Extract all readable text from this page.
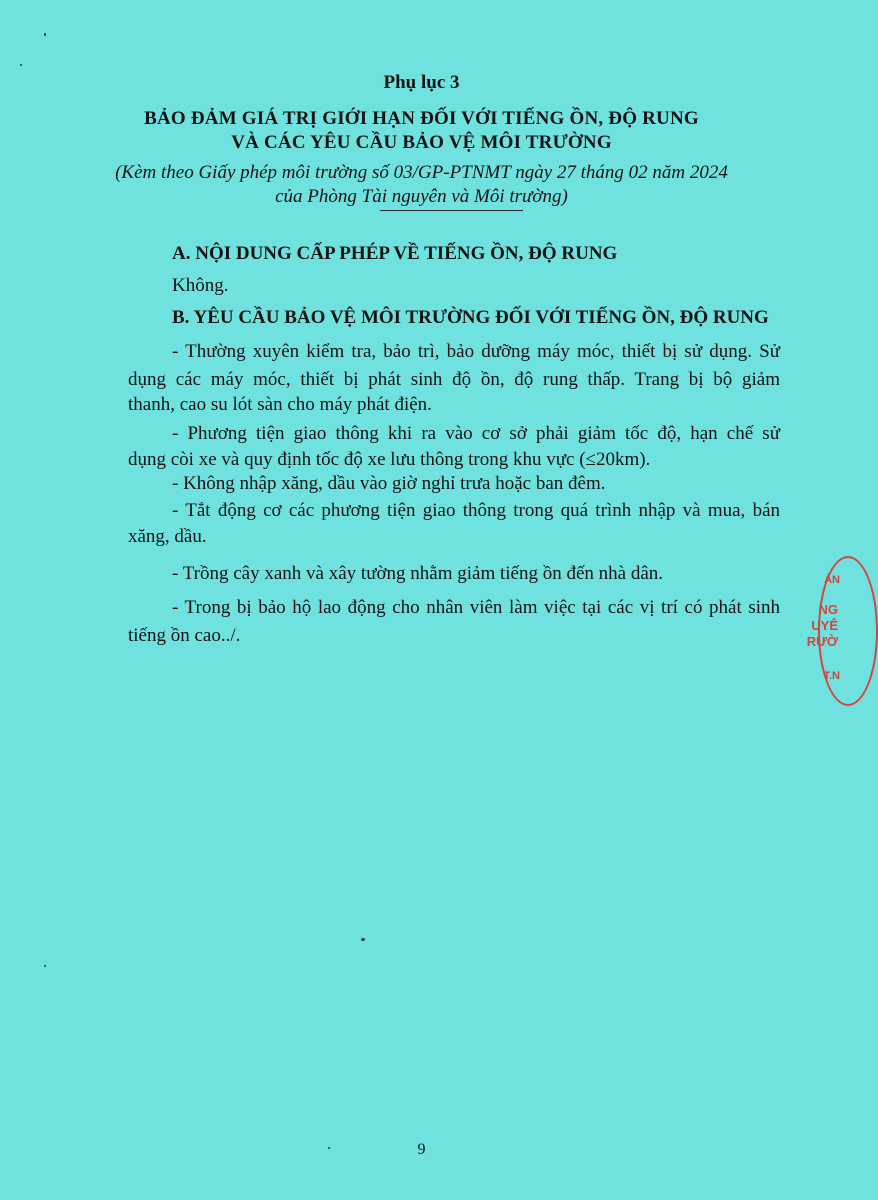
Phụ lục 3
BẢO ĐẢM GIÁ TRỊ GIỚI HẠN ĐỐI VỚI TIẾNG ỒN, ĐỘ RUNG
VÀ CÁC YÊU CẦU BẢO VỆ MÔI TRƯỜNG
(Kèm theo Giấy phép môi trường số 03/GP-PTNMT ngày 27 tháng 02 năm 2024
của Phòng Tài nguyên và Môi trường)
A. NỘI DUNG CẤP PHÉP VỀ TIẾNG ỒN, ĐỘ RUNG
Không.
B. YÊU CẦU BẢO VỆ MÔI TRƯỜNG ĐỐI VỚI TIẾNG ỒN, ĐỘ RUNG
- Thường xuyên kiểm tra, bảo trì, bảo dưỡng máy móc, thiết bị sử dụng. Sử
dụng các máy móc, thiết bị phát sinh độ ồn, độ rung thấp. Trang bị bộ giảm
thanh, cao su lót sàn cho máy phát điện.
- Phương tiện giao thông khi ra vào cơ sở phải giảm tốc độ, hạn chế sử
dụng còi xe và quy định tốc độ xe lưu thông trong khu vực (≤20km).
- Không nhập xăng, dầu vào giờ nghỉ trưa hoặc ban đêm.
- Tắt động cơ các phương tiện giao thông trong quá trình nhập và mua, bán
xăng, dầu.
- Trồng cây xanh và xây tường nhằm giảm tiếng ồn đến nhà dân.
- Trong bị bảo hộ lao động cho nhân viên làm việc tại các vị trí có phát sinh
tiếng ồn cao../.
9
ÁN
NG
UYÊ
RƯỜ
T.N
